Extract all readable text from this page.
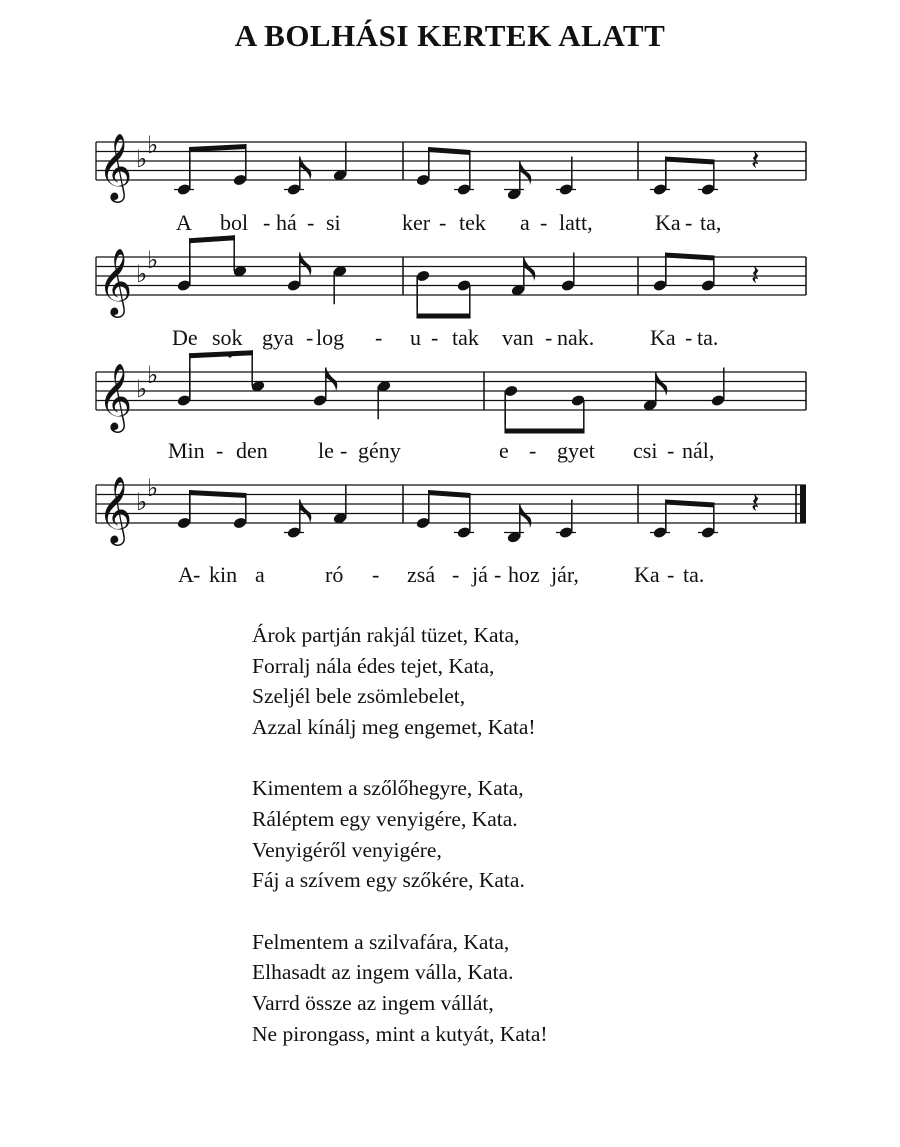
A BOLHÁSI KERTEK ALATT
𝄞 ♭
♭	𝄽
A bol - há - si	ker - tek a - latt,	Ka - ta,
𝄞 ♭
♭	𝄽
De sok gya - log - u - tak van - nak.	Ka - ta.
𝄞 ♭
♭
Min - den le - gény	e - gyet csi - nál,
𝄞 ♭
♭	𝄽
A - kin a	ró - zsá - já - hoz jár,	Ka - ta.
Árok partján rakjál tüzet, Kata,
Forralj nála édes tejet, Kata,
Szeljél bele zsömlebelet,
Azzal kínálj meg engemet, Kata!
Kimentem a szőlőhegyre, Kata,
Ráléptem egy venyigére, Kata.
Venyigéről venyigére,
Fáj a szívem egy szőkére, Kata.
Felmentem a szilvafára, Kata,
Elhasadt az ingem válla, Kata.
Varrd össze az ingem vállát,
Ne pirongass, mint a kutyát, Kata!
